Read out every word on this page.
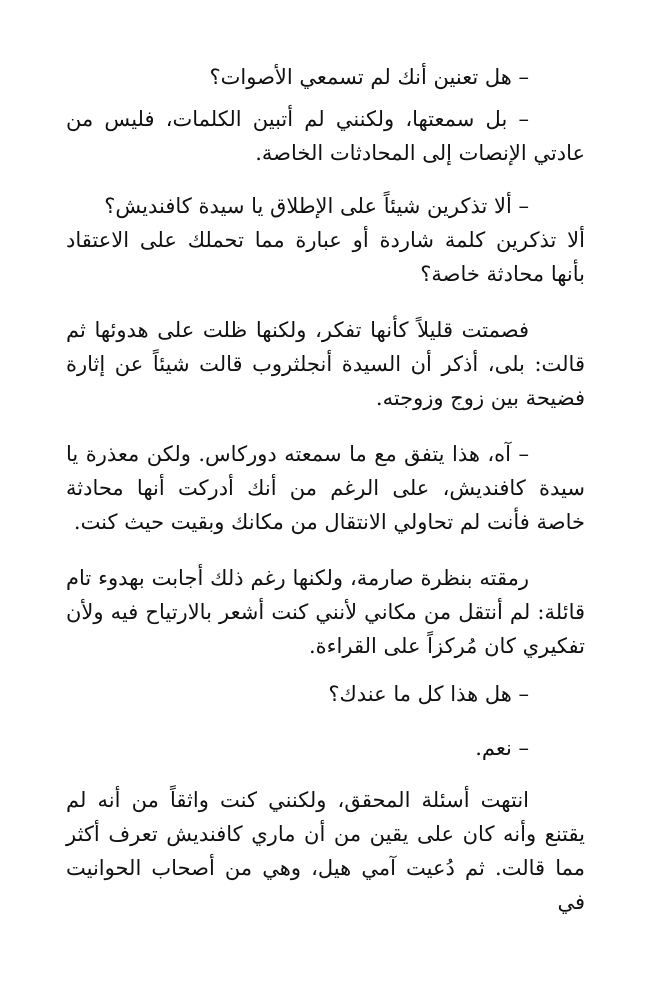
– هل تعنين أنك لم تسمعي الأصوات؟

– بل سمعتها، ولكنني لم أتبين الكلمات، فليس من عادتي الإنصات إلى المحادثات الخاصة.

– ألا تذكرين شيئاً على الإطلاق يا سيدة كافنديش؟
ألا تذكرين كلمة شاردة أو عبارة مما تحملك على الاعتقاد بأنها محادثة خاصة؟

فصمتت قليلاً كأنها تفكر، ولكنها ظلت على هدوئها ثم قالت: بلى، أذكر أن السيدة أنجلثروب قالت شيئاً عن إثارة فضيحة بين زوج وزوجته.

– آه، هذا يتفق مع ما سمعته دوركاس. ولكن معذرة يا سيدة كافنديش، على الرغم من أنك أدركت أنها محادثة خاصة فأنت لم تحاولي الانتقال من مكانك وبقيت حيث كنت.

رمقته بنظرة صارمة، ولكنها رغم ذلك أجابت بهدوء تام قائلة: لم أنتقل من مكاني لأنني كنت أشعر بالارتياح فيه ولأن تفكيري كان مُركزاً على القراءة.

– هل هذا كل ما عندك؟

– نعم.

انتهت أسئلة المحقق، ولكنني كنت واثقاً من أنه لم يقتنع وأنه كان على يقين من أن ماري كافنديش تعرف أكثر مما قالت. ثم دُعيت آمي هيل، وهي من أصحاب الحوانيت في
